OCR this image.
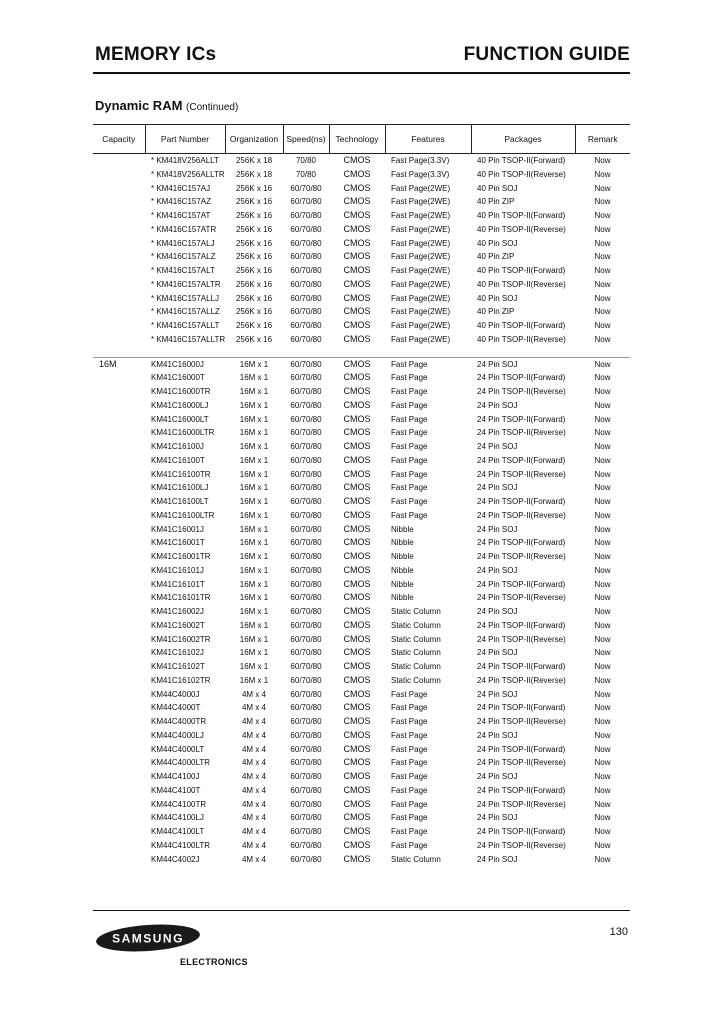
MEMORY ICs	FUNCTION GUIDE
Dynamic RAM (Continued)
Capacity	Part Number	Organization	Speed(ns)	Technology	Features	Packages	Remark
	* KM418V256ALLT	256K x 18	70/80	CMOS	Fast Page(3.3V)	40 Pin TSOP-II(Forward)	Now
	* KM418V256ALLTR	256K x 18	70/80	CMOS	Fast Page(3.3V)	40 Pin TSOP-II(Reverse)	Now
	* KM416C157AJ	256K x 16	60/70/80	CMOS	Fast Page(2WE)	40 Pin SOJ	Now
	* KM416C157AZ	256K x 16	60/70/80	CMOS	Fast Page(2WE)	40 Pin ZIP	Now
	* KM416C157AT	256K x 16	60/70/80	CMOS	Fast Page(2WE)	40 Pin TSOP-II(Forward)	Now
	* KM416C157ATR	256K x 16	60/70/80	CMOS	Fast Page(2WE)	40 Pin TSOP-II(Reverse)	Now
	* KM416C157ALJ	256K x 16	60/70/80	CMOS	Fast Page(2WE)	40 Pin SOJ	Now
	* KM416C157ALZ	256K x 16	60/70/80	CMOS	Fast Page(2WE)	40 Pin ZIP	Now
	* KM416C157ALT	256K x 16	60/70/80	CMOS	Fast Page(2WE)	40 Pin TSOP-II(Forward)	Now
	* KM416C157ALTR	256K x 16	60/70/80	CMOS	Fast Page(2WE)	40 Pin TSOP-II(Reverse)	Now
	* KM416C157ALLJ	256K x 16	60/70/80	CMOS	Fast Page(2WE)	40 Pin SOJ	Now
	* KM416C157ALLZ	256K x 16	60/70/80	CMOS	Fast Page(2WE)	40 Pin ZIP	Now
	* KM416C157ALLT	256K x 16	60/70/80	CMOS	Fast Page(2WE)	40 Pin TSOP-II(Forward)	Now
	* KM416C157ALLTR	256K x 16	60/70/80	CMOS	Fast Page(2WE)	40 Pin TSOP-II(Reverse)	Now

16M	KM41C16000J	16M x 1	60/70/80	CMOS	Fast Page	24 Pin SOJ	Now
	KM41C16000T	16M x 1	60/70/80	CMOS	Fast Page	24 Pin TSOP-II(Forward)	Now
	KM41C16000TR	16M x 1	60/70/80	CMOS	Fast Page	24 Pin TSOP-II(Reverse)	Now
	KM41C16000LJ	16M x 1	60/70/80	CMOS	Fast Page	24 Pin SOJ	Now
	KM41C16000LT	16M x 1	60/70/80	CMOS	Fast Page	24 Pin TSOP-II(Forward)	Now
	KM41C16000LTR	16M x 1	60/70/80	CMOS	Fast Page	24 Pin TSOP-II(Reverse)	Now
	KM41C16100J	16M x 1	60/70/80	CMOS	Fast Page	24 Pin SOJ	Now
	KM41C16100T	16M x 1	60/70/80	CMOS	Fast Page	24 Pin TSOP-II(Forward)	Now
	KM41C16100TR	16M x 1	60/70/80	CMOS	Fast Page	24 Pin TSOP-II(Reverse)	Now
	KM41C16100LJ	16M x 1	60/70/80	CMOS	Fast Page	24 Pin SOJ	Now
	KM41C16100LT	16M x 1	60/70/80	CMOS	Fast Page	24 Pin TSOP-II(Forward)	Now
	KM41C16100LTR	16M x 1	60/70/80	CMOS	Fast Page	24 Pin TSOP-II(Reverse)	Now
	KM41C16001J	16M x 1	60/70/80	CMOS	Nibble	24 Pin SOJ	Now
	KM41C16001T	16M x 1	60/70/80	CMOS	Nibble	24 Pin TSOP-II(Forward)	Now
	KM41C16001TR	16M x 1	60/70/80	CMOS	Nibble	24 Pin TSOP-II(Reverse)	Now
	KM41C16101J	16M x 1	60/70/80	CMOS	Nibble	24 Pin SOJ	Now
	KM41C16101T	16M x 1	60/70/80	CMOS	Nibble	24 Pin TSOP-II(Forward)	Now
	KM41C16101TR	16M x 1	60/70/80	CMOS	Nibble	24 Pin TSOP-II(Reverse)	Now
	KM41C16002J	16M x 1	60/70/80	CMOS	Static Column	24 Pin SOJ	Now
	KM41C16002T	16M x 1	60/70/80	CMOS	Static Column	24 Pin TSOP-II(Forward)	Now
	KM41C16002TR	16M x 1	60/70/80	CMOS	Static Column	24 Pin TSOP-II(Reverse)	Now
	KM41C16102J	16M x 1	60/70/80	CMOS	Static Column	24 Pin SOJ	Now
	KM41C16102T	16M x 1	60/70/80	CMOS	Static Column	24 Pin TSOP-II(Forward)	Now
	KM41C16102TR	16M x 1	60/70/80	CMOS	Static Column	24 Pin TSOP-II(Reverse)	Now
	KM44C4000J	4M x 4	60/70/80	CMOS	Fast Page	24 Pin SOJ	Now
	KM44C4000T	4M x 4	60/70/80	CMOS	Fast Page	24 Pin TSOP-II(Forward)	Now
	KM44C4000TR	4M x 4	60/70/80	CMOS	Fast Page	24 Pin TSOP-II(Reverse)	Now
	KM44C4000LJ	4M x 4	60/70/80	CMOS	Fast Page	24 Pin SOJ	Now
	KM44C4000LT	4M x 4	60/70/80	CMOS	Fast Page	24 Pin TSOP-II(Forward)	Now
	KM44C4000LTR	4M x 4	60/70/80	CMOS	Fast Page	24 Pin TSOP-II(Reverse)	Now
	KM44C4100J	4M x 4	60/70/80	CMOS	Fast Page	24 Pin SOJ	Now
	KM44C4100T	4M x 4	60/70/80	CMOS	Fast Page	24 Pin TSOP-II(Forward)	Now
	KM44C4100TR	4M x 4	60/70/80	CMOS	Fast Page	24 Pin TSOP-II(Reverse)	Now
	KM44C4100LJ	4M x 4	60/70/80	CMOS	Fast Page	24 Pin SOJ	Now
	KM44C4100LT	4M x 4	60/70/80	CMOS	Fast Page	24 Pin TSOP-II(Forward)	Now
	KM44C4100LTR	4M x 4	60/70/80	CMOS	Fast Page	24 Pin TSOP-II(Reverse)	Now
	KM44C4002J	4M x 4	60/70/80	CMOS	Static Column	24 Pin SOJ	Now
SAMSUNG
ELECTRONICS
130
